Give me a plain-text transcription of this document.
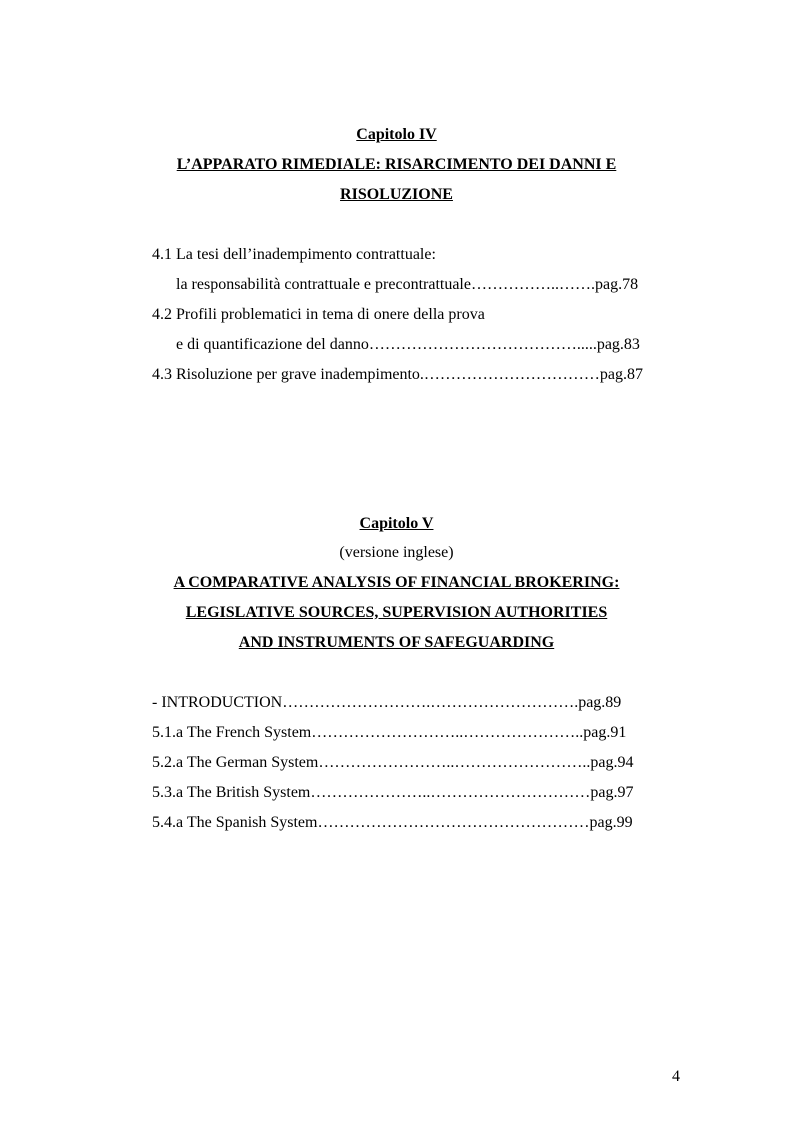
Capitolo IV
L’APPARATO RIMEDIALE: RISARCIMENTO DEI DANNI E
RISOLUZIONE
4.1 La tesi dell’inadempimento contrattuale:
la responsabilità contrattuale e precontrattuale……………..…….pag.78
4.2 Profili problematici in tema di onere della prova
e di quantificazione del danno………………………………….....pag.83
4.3 Risoluzione per grave inadempimento.……………………………pag.87
Capitolo V
(versione inglese)
A COMPARATIVE ANALYSIS OF FINANCIAL BROKERING:
LEGISLATIVE SOURCES, SUPERVISION AUTHORITIES
AND INSTRUMENTS OF SAFEGUARDING
- INTRODUCTION……………………….……………………….pag.89
5.1.a The French System………………………..…………………..pag.91
5.2.a The German System……………………..……………………..pag.94
5.3.a The British System…………………..…………………………pag.97
5.4.a The Spanish System……………………………………………pag.99
4
